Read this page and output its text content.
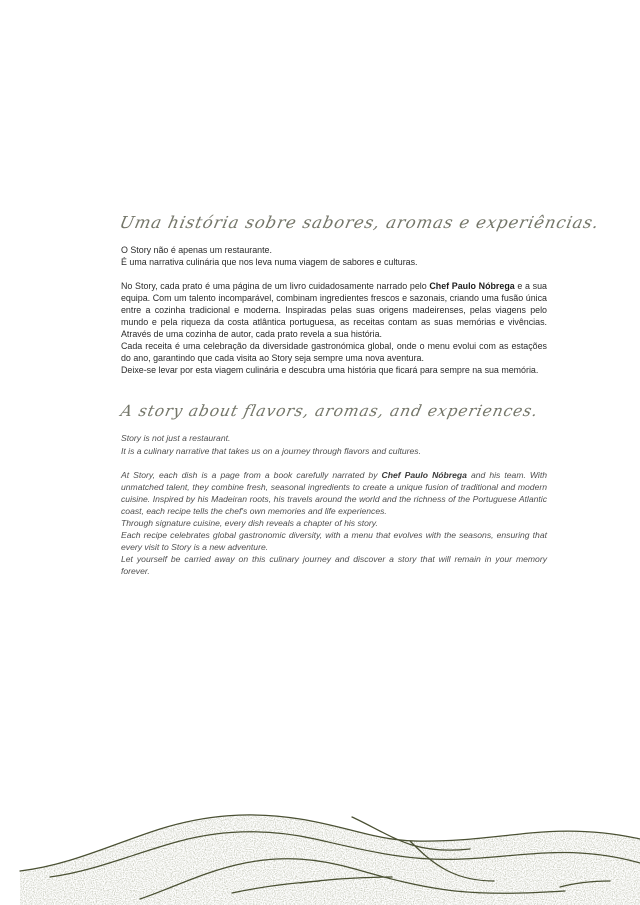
Uma história sobre sabores, aromas e experiências.
O Story não é apenas um restaurante.
É uma narrativa culinária que nos leva numa viagem de sabores e culturas.

No Story, cada prato é uma página de um livro cuidadosamente narrado pelo Chef Paulo Nóbrega e a sua equipa. Com um talento incomparável, combinam ingredientes frescos e sazonais, criando uma fusão única entre a cozinha tradicional e moderna. Inspiradas pelas suas origens madeirenses, pelas viagens pelo mundo e pela riqueza da costa atlântica portuguesa, as receitas contam as suas memórias e vivências. Através de uma cozinha de autor, cada prato revela a sua história.

Cada receita é uma celebração da diversidade gastronómica global, onde o menu evolui com as estações do ano, garantindo que cada visita ao Story seja sempre uma nova aventura.

Deixe-se levar por esta viagem culinária e descubra uma história que ficará para sempre na sua memória.

A story about flavors, aromas, and experiences.
Story is not just a restaurant.
It is a culinary narrative that takes us on a journey through flavors and cultures.

At Story, each dish is a page from a book carefully narrated by Chef Paulo Nóbrega and his team. With unmatched talent, they combine fresh, seasonal ingredients to create a unique fusion of traditional and modern cuisine. Inspired by his Madeiran roots, his travels around the world and the richness of the Portuguese Atlantic coast, each recipe tells the chef's own memories and life experiences.

Through signature cuisine, every dish reveals a chapter of his story.

Each recipe celebrates global gastronomic diversity, with a menu that evolves with the seasons, ensuring that every visit to Story is a new adventure.

Let yourself be carried away on this culinary journey and discover a story that will remain in your memory forever.
